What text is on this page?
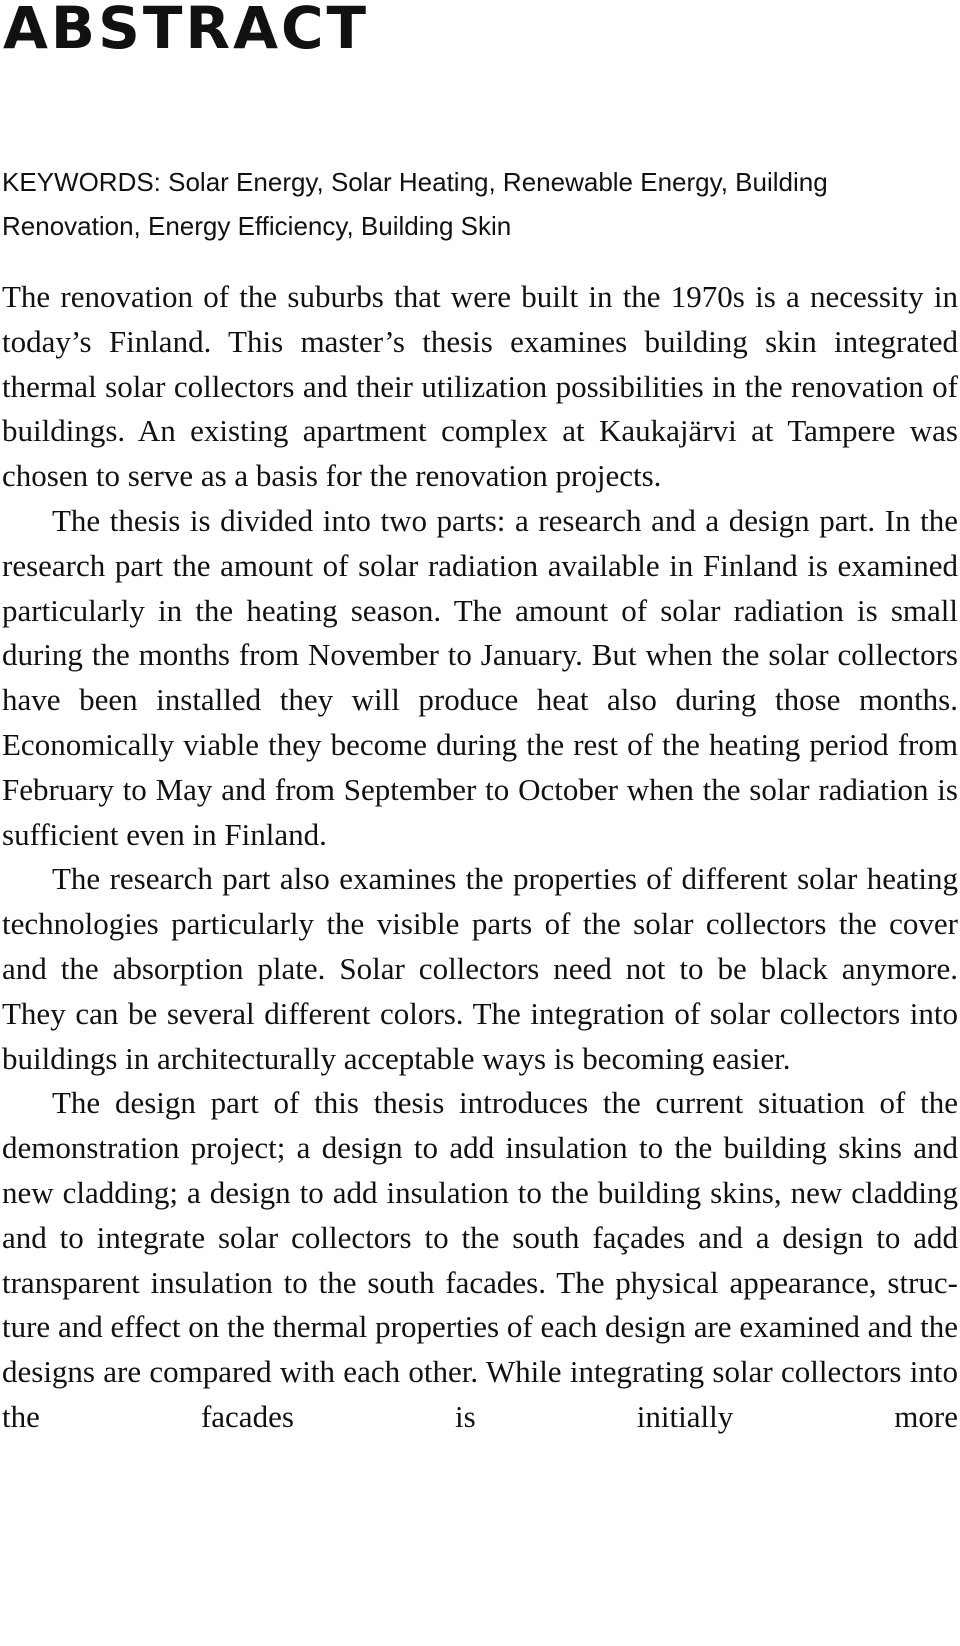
ABSTRACT

KEYWORDS: Solar Energy, Solar Heating, Renewable Energy, Building Renovation, Energy Efficiency, Building Skin

The renovation of the suburbs that were built in the 1970s is a necessity in today’s Finland. This master’s thesis examines building skin integrated thermal solar collectors and their utilization possibilities in the renovation of buildings. An existing apartment complex at Kaukajärvi at Tampere was chosen to serve as a basis for the renovation projects.

The thesis is divided into two parts: a research and a design part. In the research part the amount of solar radiation available in Finland is examined particularly in the heating season. The amount of solar radiation is small during the months from November to January. But when the solar collectors have been installed they will produce heat also during those months. Economically viable they become during the rest of the heating period from February to May and from September to October when the solar radiation is sufficient even in Finland.

The research part also examines the properties of different solar heating technologies particularly the visible parts of the solar collectors the cover and the absorption plate. Solar collectors need not to be black anymore. They can be several different colors. The integration of solar collectors into buildings in architecturally acceptable ways is becoming easier.

The design part of this thesis introduces the current situation of the demonstration project; a design to add insulation to the building skins and new cladding; a design to add insulation to the building skins, new cladding and to integrate solar collectors to the south façades and a design to add transparent insulation to the south facades. The physical appearance, structure and effect on the thermal properties of each design are examined and the designs are compared with each other. While integrating solar collectors into the facades is initially more
